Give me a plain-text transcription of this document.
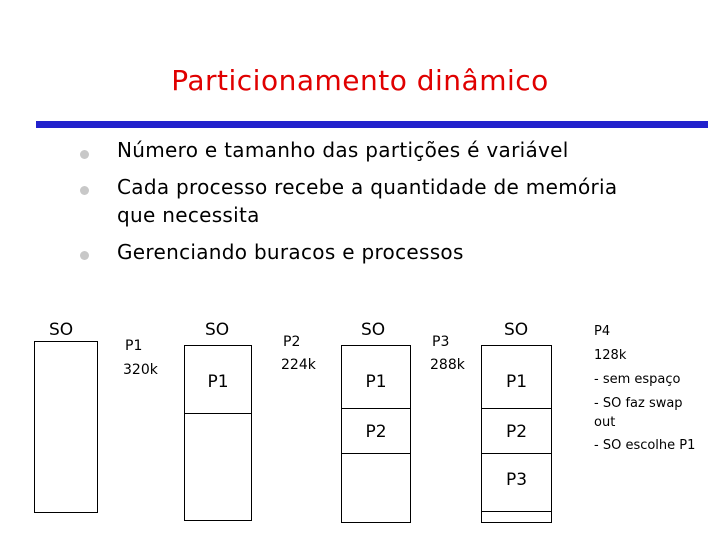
Particionamento dinâmico
Número e tamanho das partições é variável
Cada processo recebe a quantidade de memória que necessita
Gerenciando buracos e processos
SO
P1
320k
SO
P1
P2
224k
SO
P1
P2
P3
288k
SO
P1
P2
P3
P4
128k
- sem espaço
- SO faz swap
out
- SO escolhe P1
